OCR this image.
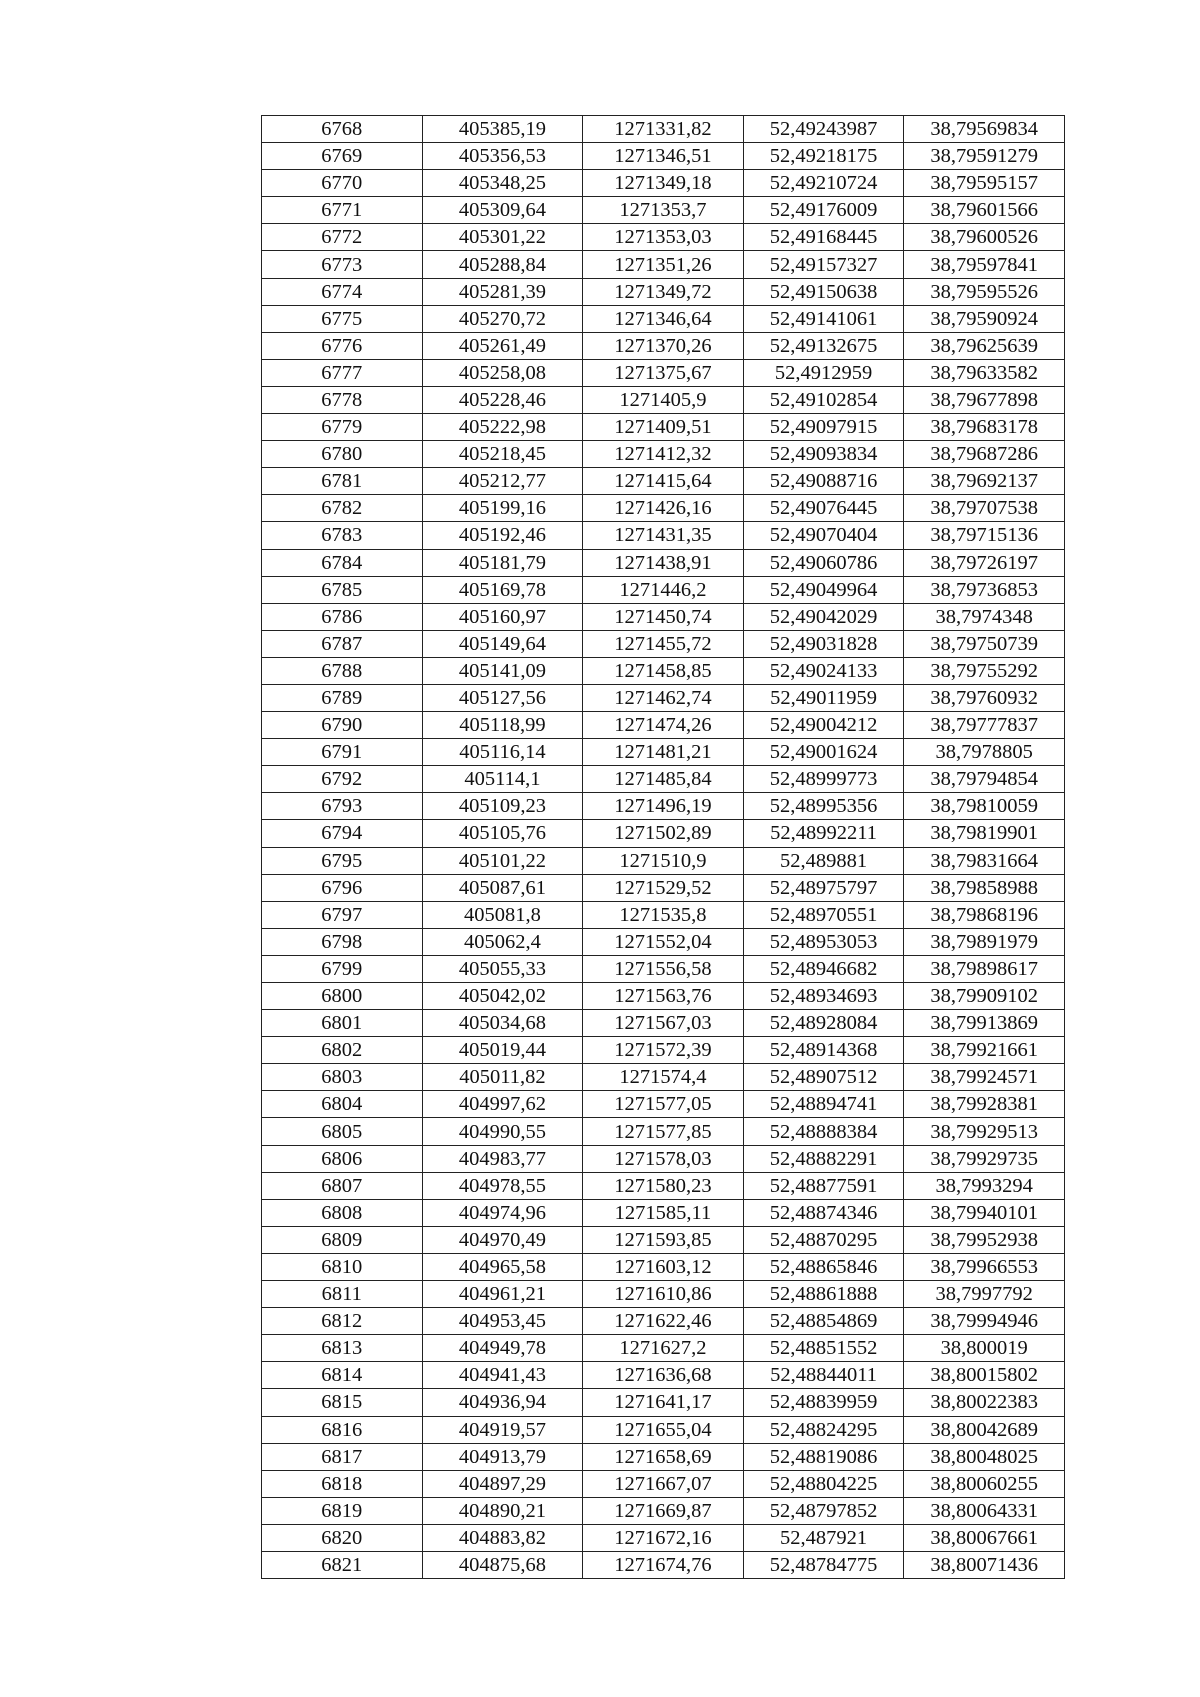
6768	405385,19	1271331,82	52,49243987	38,79569834
6769	405356,53	1271346,51	52,49218175	38,79591279
6770	405348,25	1271349,18	52,49210724	38,79595157
6771	405309,64	1271353,7	52,49176009	38,79601566
6772	405301,22	1271353,03	52,49168445	38,79600526
6773	405288,84	1271351,26	52,49157327	38,79597841
6774	405281,39	1271349,72	52,49150638	38,79595526
6775	405270,72	1271346,64	52,49141061	38,79590924
6776	405261,49	1271370,26	52,49132675	38,79625639
6777	405258,08	1271375,67	52,4912959	38,79633582
6778	405228,46	1271405,9	52,49102854	38,79677898
6779	405222,98	1271409,51	52,49097915	38,79683178
6780	405218,45	1271412,32	52,49093834	38,79687286
6781	405212,77	1271415,64	52,49088716	38,79692137
6782	405199,16	1271426,16	52,49076445	38,79707538
6783	405192,46	1271431,35	52,49070404	38,79715136
6784	405181,79	1271438,91	52,49060786	38,79726197
6785	405169,78	1271446,2	52,49049964	38,79736853
6786	405160,97	1271450,74	52,49042029	38,7974348
6787	405149,64	1271455,72	52,49031828	38,79750739
6788	405141,09	1271458,85	52,49024133	38,79755292
6789	405127,56	1271462,74	52,49011959	38,79760932
6790	405118,99	1271474,26	52,49004212	38,79777837
6791	405116,14	1271481,21	52,49001624	38,7978805
6792	405114,1	1271485,84	52,48999773	38,79794854
6793	405109,23	1271496,19	52,48995356	38,79810059
6794	405105,76	1271502,89	52,48992211	38,79819901
6795	405101,22	1271510,9	52,489881	38,79831664
6796	405087,61	1271529,52	52,48975797	38,79858988
6797	405081,8	1271535,8	52,48970551	38,79868196
6798	405062,4	1271552,04	52,48953053	38,79891979
6799	405055,33	1271556,58	52,48946682	38,79898617
6800	405042,02	1271563,76	52,48934693	38,79909102
6801	405034,68	1271567,03	52,48928084	38,79913869
6802	405019,44	1271572,39	52,48914368	38,79921661
6803	405011,82	1271574,4	52,48907512	38,79924571
6804	404997,62	1271577,05	52,48894741	38,79928381
6805	404990,55	1271577,85	52,48888384	38,79929513
6806	404983,77	1271578,03	52,48882291	38,79929735
6807	404978,55	1271580,23	52,48877591	38,7993294
6808	404974,96	1271585,11	52,48874346	38,79940101
6809	404970,49	1271593,85	52,48870295	38,79952938
6810	404965,58	1271603,12	52,48865846	38,79966553
6811	404961,21	1271610,86	52,48861888	38,7997792
6812	404953,45	1271622,46	52,48854869	38,79994946
6813	404949,78	1271627,2	52,48851552	38,800019
6814	404941,43	1271636,68	52,48844011	38,80015802
6815	404936,94	1271641,17	52,48839959	38,80022383
6816	404919,57	1271655,04	52,48824295	38,80042689
6817	404913,79	1271658,69	52,48819086	38,80048025
6818	404897,29	1271667,07	52,48804225	38,80060255
6819	404890,21	1271669,87	52,48797852	38,80064331
6820	404883,82	1271672,16	52,487921	38,80067661
6821	404875,68	1271674,76	52,48784775	38,80071436
